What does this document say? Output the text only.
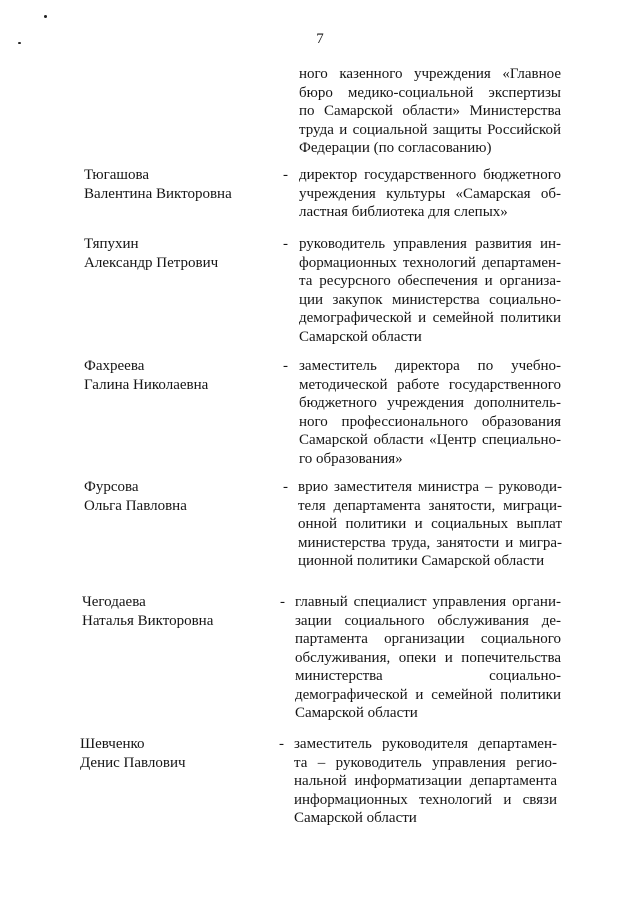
7
ного казенного учреждения «Главное
бюро медико-социальной экспертизы
по Самарской области» Министерства
труда и социальной защиты Российской
Федерации (по согласованию)
Тюгашова
Валентина Викторовна
- директор государственного бюджетного
учреждения культуры «Самарская об-
ластная библиотека для слепых»
Тяпухин
Александр Петрович
- руководитель управления развития ин-
формационных технологий департамен-
та ресурсного обеспечения и организа-
ции закупок министерства социально-
демографической и семейной политики
Самарской области
Фахреева
Галина Николаевна
- заместитель директора по учебно-
методической работе государственного
бюджетного учреждения дополнитель-
ного профессионального образования
Самарской области «Центр специально-
го образования»
Фурсова
Ольга Павловна
- врио заместителя министра – руководи-
теля департамента занятости, миграци-
онной политики и социальных выплат
министерства труда, занятости и мигра-
ционной политики Самарской области
Чегодаева
Наталья Викторовна
- главный специалист управления органи-
зации социального обслуживания де-
партамента организации социального
обслуживания, опеки и попечительства
министерства социально-
демографической и семейной политики
Самарской области
Шевченко
Денис Павлович
- заместитель руководителя департамен-
та – руководитель управления регио-
нальной информатизации департамента
информационных технологий и связи
Самарской области
